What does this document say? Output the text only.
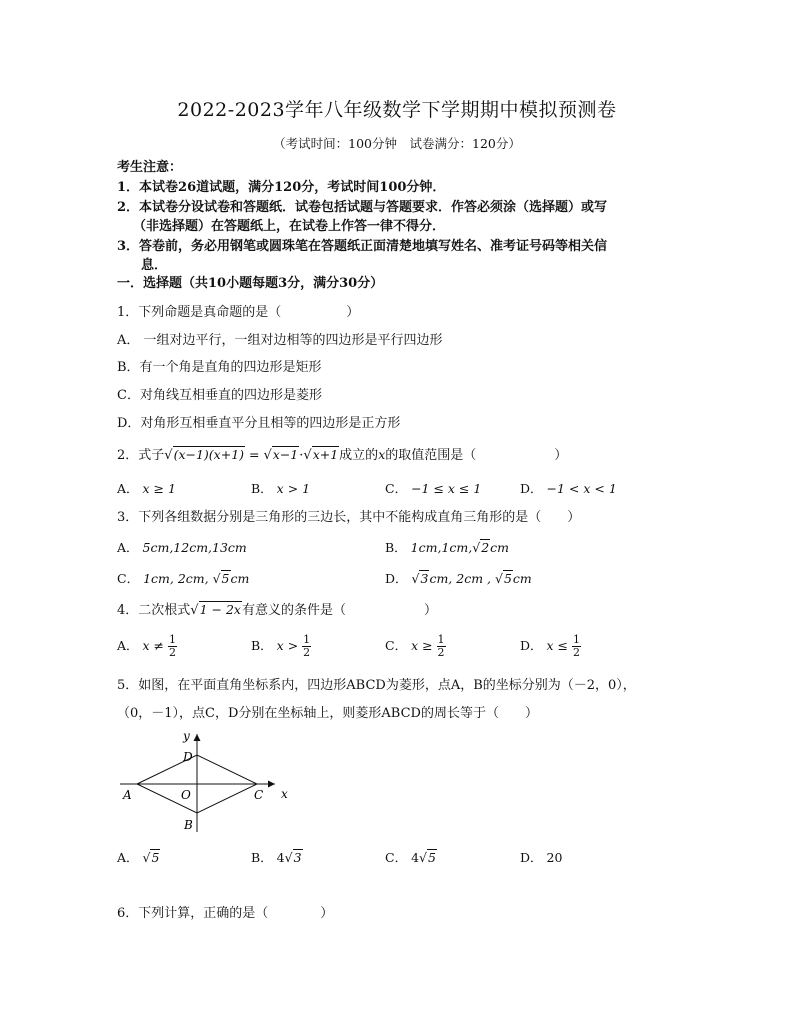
2022-2023学年八年级数学下学期期中模拟预测卷
（考试时间：100分钟　试卷满分：120分）
考生注意：
1．本试卷26道试题，满分120分，考试时间100分钟．
2．本试卷分设试卷和答题纸．试卷包括试题与答题要求．作答必须涂（选择题）或写
（非选择题）在答题纸上，在试卷上作答一律不得分．
3．答卷前，务必用钢笔或圆珠笔在答题纸正面清楚地填写姓名、准考证号码等相关信
息．
一．选择题（共10小题每题3分，满分30分）
1．下列命题是真命题的是（　　　　　）
A． 一组对边平行，一组对边相等的四边形是平行四边形
B．有一个角是直角的四边形是矩形
C．对角线互相垂直的四边形是菱形
D．对角形互相垂直平分且相等的四边形是正方形
2．式子√(x−1)(x+1) = √x−1·√x+1成立的x的取值范围是（　　　　　　）
A． x ≥ 1	B． x > 1	C． −1 ≤ x ≤ 1	D． −1 < x < 1
3．下列各组数据分别是三角形的三边长，其中不能构成直角三角形的是（　　）
A． 5cm,12cm,13cm	B． 1cm,1cm,√2cm
C． 1cm, 2cm, √5cm	D． √3cm, 2cm , √5cm
4．二次根式√1 − 2x有意义的条件是（　　　　　　）
A． $x \ne \frac{1}{2}$	B． $x > \frac{1}{2}$	C． $x \ge \frac{1}{2}$	D． $x \le \frac{1}{2}$
5．如图，在平面直角坐标系内，四边形ABCD为菱形，点A，B的坐标分别为（－2，0），
（0，－1），点C，D分别在坐标轴上，则菱形ABCD的周长等于（　　）
y
x
D
A	O	C
B
A． √5	B． 4√3	C． 4√5	D． 20
6．下列计算，正确的是（　　　　）
